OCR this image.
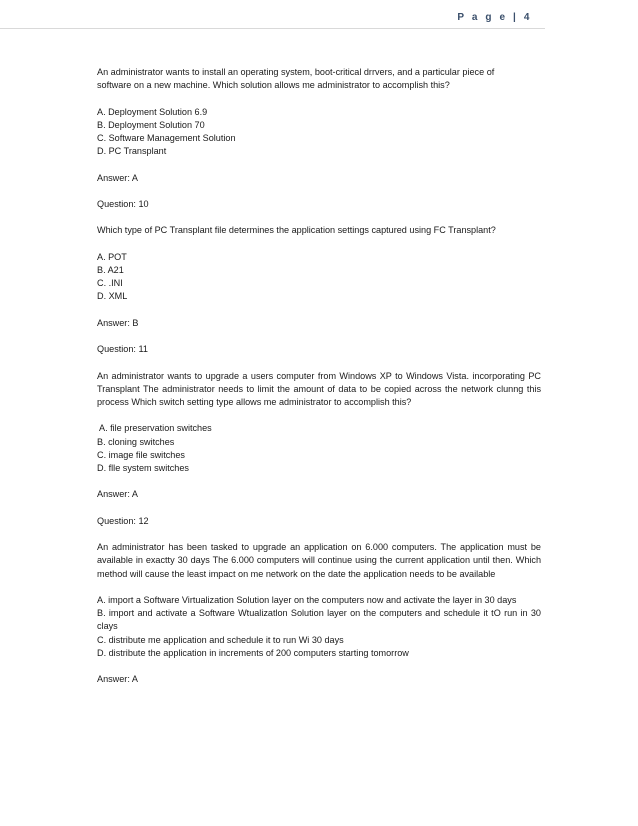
P a g e | 4

An administrator wants to install an operating system, boot-critical drrvers, and a particular piece of

software on a new machine. Which solution allows me administrator to accomplish this?

A. Deployment Solution 6.9

B. Deployment Solution 70

C. Software Management Solution

D. PC Transplant

Answer: A

Question: 10

Which type of PC Transplant file determines the application settings captured using FC Transplant?

A. POT

B. A21

C. .INI

D. XML

Answer: B

Question: 11

An administrator wants to upgrade a users computer from Windows XP to Windows Vista. incorporating PC Transplant The administrator needs to limit the amount of data to be copied across the network clunng this process Which switch setting type allows me administrator to accomplish this?

A. file preservation switches

B. cloning switches

C. image file switches

D. flle system switches

Answer: A

Question: 12

An administrator has been tasked to upgrade an application on 6.000 computers. The application must be available in exactty 30 days The 6.000 computers will continue using the current application until then. Which method will cause the least impact on me network on the date the application needs to be available

A. import a Software Virtualization Solution layer on the computers now and activate the layer in 30 days

B. import and activate a Software Wtualizatlon Solution layer on the computers and schedule it tO run in 30 clays

C. distribute me application and schedule it to run Wi 30 days

D. distribute the application in increments of 200 computers starting tomorrow

Answer: A
